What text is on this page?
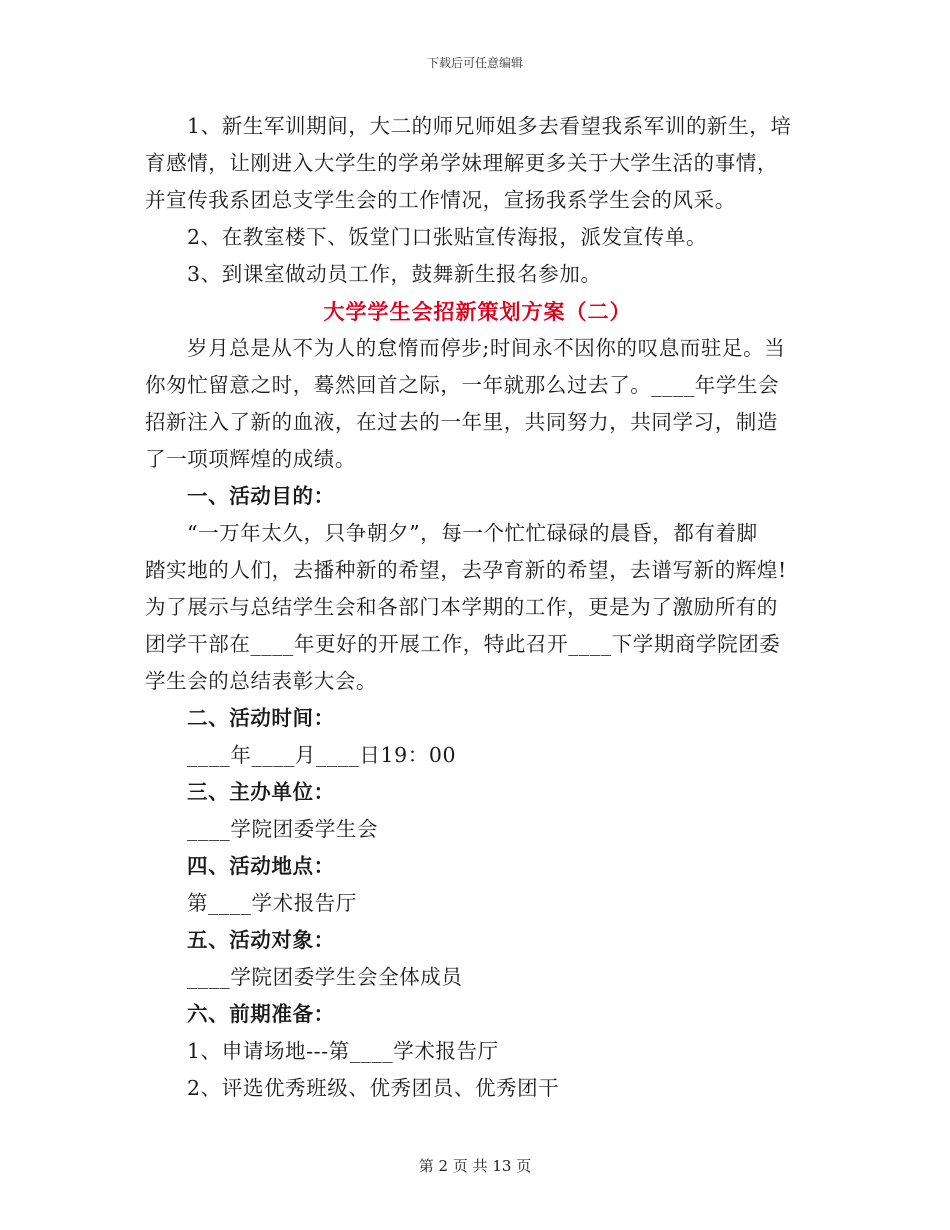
下载后可任意编辑
1、新生军训期间，大二的师兄师姐多去看望我系军训的新生，培
育感情，让刚进入大学生的学弟学妹理解更多关于大学生活的事情，
并宣传我系团总支学生会的工作情况，宣扬我系学生会的风采。
2、在教室楼下、饭堂门口张贴宣传海报，派发宣传单。
3、到课室做动员工作，鼓舞新生报名参加。
大学学生会招新策划方案（二）
岁月总是从不为人的怠惰而停步;时间永不因你的叹息而驻足。当
你匆忙留意之时，蓦然回首之际，一年就那么过去了。____年学生会
招新注入了新的血液，在过去的一年里，共同努力，共同学习，制造
了一项项辉煌的成绩。
一、活动目的：
“一万年太久，只争朝夕”，每一个忙忙碌碌的晨昏，都有着脚
踏实地的人们，去播种新的希望，去孕育新的希望，去谱写新的辉煌!
为了展示与总结学生会和各部门本学期的工作，更是为了激励所有的
团学干部在____年更好的开展工作，特此召开____下学期商学院团委
学生会的总结表彰大会。
二、活动时间：
____年____月____日19：00
三、主办单位：
____学院团委学生会
四、活动地点：
第____学术报告厅
五、活动对象：
____学院团委学生会全体成员
六、前期准备：
1、申请场地---第____学术报告厅
2、评选优秀班级、优秀团员、优秀团干
第 2 页 共 13 页
